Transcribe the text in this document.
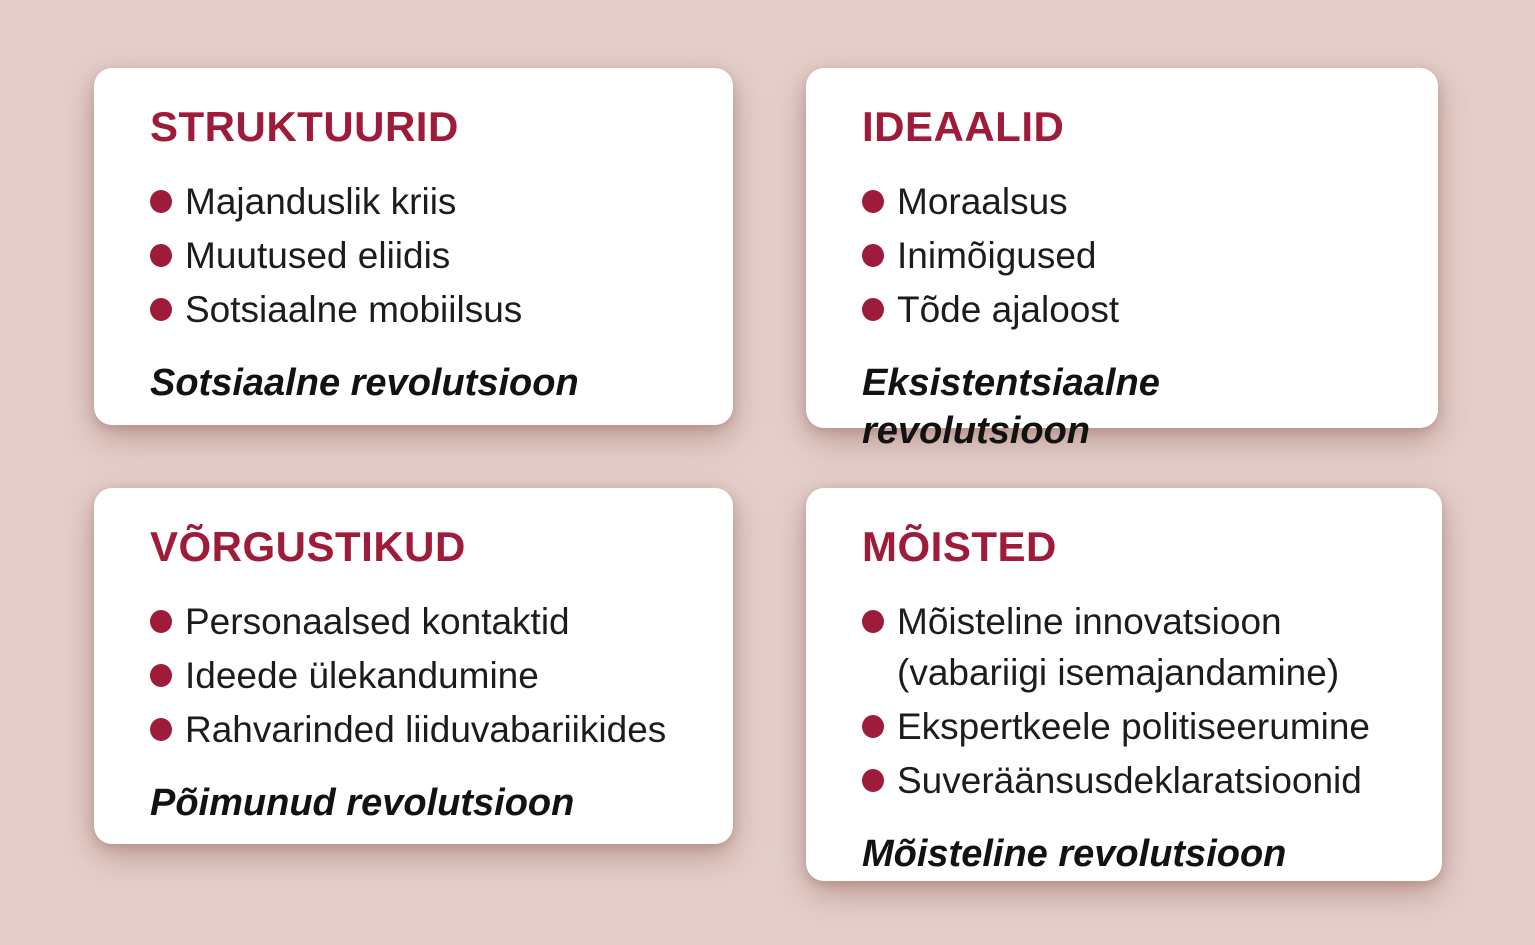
STRUKTUURID
Majanduslik kriis
Muutused eliidis
Sotsiaalne mobiilsus
Sotsiaalne revolutsioon
IDEAALID
Moraalsus
Inimõigused
Tõde ajaloost
Eksistentsiaalne revolutsioon
VÕRGUSTIKUD
Personaalsed kontaktid
Ideede ülekandumine
Rahvarinded liiduvabariikides
Põimunud revolutsioon
MÕISTED
Mõisteline innovatsioon
(vabariigi isemajandamine)
Ekspertkeele politiseerumine
Suveräänsusdeklaratsioonid
Mõisteline revolutsioon
